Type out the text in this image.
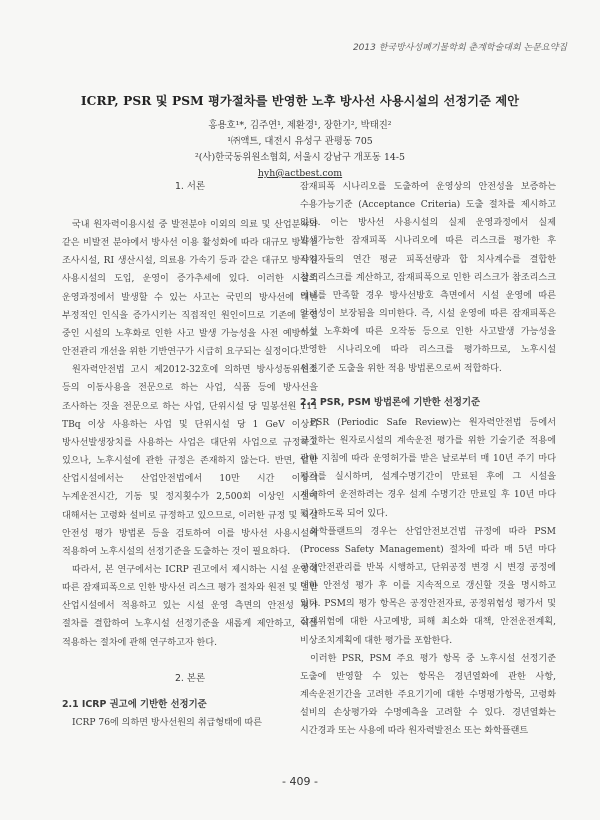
2013 한국방사성폐기물학회 춘계학술대회 논문요약집
ICRP, PSR 및 PSM 평가절차를 반영한 노후 방사선 사용시설의 선정기준 제안
홍용호¹*, 김주연¹, 제환경¹, 장한기², 박태진²
¹㈜액트, 대전시 유성구 관평동 705
²(사)한국동위원소협회, 서울시 강남구 개포동 14-5
hyh@actbest.com
1. 서론

국내 원자력이용시설 중 발전분야 이외의 의료 및 산업분야와 같은 비발전 분야에서 방사선 이용 활성화에 따라 대규모 방사선 조사시설, RI 생산시설, 의료용 가속기 등과 같은 대규모 방사선 사용시설의 도입, 운영이 증가추세에 있다. 이러한 시설의 운영과정에서 발생할 수 있는 사고는 국민의 방사선에 대한 부정적인 인식을 증가시키는 직접적인 원인이므로 기존에 운영 중인 시설의 노후화로 인한 사고 발생 가능성을 사전 예방하고 안전관리 개선을 위한 기반연구가 시급히 요구되는 실정이다.

원자력안전법 고시 제2012-32호에 의하면 방사성동위원소 등의 이동사용을 전문으로 하는 사업, 식품 등에 방사선을 조사하는 것을 전문으로 하는 사업, 단위시설 당 밀봉선원 111 TBq 이상 사용하는 사업 및 단위시설 당 1 GeV 이상의 방사선발생장치를 사용하는 사업은 대단위 사업으로 규정하고 있으나, 노후시설에 관한 규정은 존재하지 않는다. 반면, 일반 산업시설에서는 산업안전법에서 10만 시간 이상의 누계운전시간, 기동 및 정지횟수가 2,500회 이상인 시설에 대해서는 고령화 설비로 규정하고 있으므로, 이러한 규정 및 시설 안전성 평가 방법론 등을 검토하여 이를 방사선 사용시설에 적용하여 노후시설의 선정기준을 도출하는 것이 필요하다.

따라서, 본 연구에서는 ICRP 권고에서 제시하는 시설 운영에 따른 잠재피폭으로 인한 방사선 리스크 평가 절차와 원전 및 일반 산업시설에서 적용하고 있는 시설 운영 측면의 안전성 평가 절차를 결합하여 노후시설 선정기준을 새롭게 제안하고, 이를 적용하는 절차에 관해 연구하고자 한다.

2. 본론
2.1 ICRP 권고에 기반한 선정기준

ICRP 76에 의하면 방사선원의 취급형태에 따른

잠재피폭 시나리오를 도출하여 운영상의 안전성을 보증하는 수용가능기준 (Acceptance Criteria) 도출 절차를 제시하고 있다. 이는 방사선 사용시설의 실제 운영과정에서 실제 발생가능한 잠재피폭 시나리오에 따른 리스크를 평가한 후 작업자들의 연간 평균 피폭선량과 합 치사계수를 결합한 참조리스크를 계산하고, 잠재피폭으로 인한 리스크가 참조리스크 이내를 만족할 경우 방사선방호 측면에서 시설 운영에 따른 안전성이 보장됨을 의미한다. 즉, 시설 운영에 따른 잠재피폭은 시설 노후화에 따른 오작동 등으로 인한 사고발생 가능성을 반영한 시나리오에 따라 리스크를 평가하므로, 노후시설 선정기준 도출을 위한 적용 방법론으로써 적합하다.

2.2 PSR, PSM 방법론에 기반한 선정기준

PSR (Periodic Safe Review)는 원자력안전법 등에서 규정하는 원자로시설의 계속운전 평가를 위한 기술기준 적용에 관한 지침에 따라 운영허가를 받은 날로부터 매 10년 주기 마다 평가를 실시하며, 설계수명기간이 만료된 후에 그 시설을 계속하여 운전하려는 경우 설계 수명기간 만료일 후 10년 마다 평가하도록 되어 있다.

화학플랜트의 경우는 산업안전보건법 규정에 따라 PSM (Process Safety Management) 절차에 따라 매 5년 마다 공정안전관리를 반복 시행하고, 단위공정 변경 시 변경 공정에 대한 안전성 평가 후 이를 지속적으로 갱신할 것을 명시하고 있다. PSM의 평가 항목은 공정안전자료, 공정위험성 평가서 및 잠재위험에 대한 사고예방, 피해 최소화 대책, 안전운전계획, 비상조치계획에 대한 평가를 포함한다.

이러한 PSR, PSM 주요 평가 항목 중 노후시설 선정기준 도출에 반영할 수 있는 항목은 경년열화에 관한 사항, 계속운전기간을 고려한 주요기기에 대한 수명평가항목, 고령화 설비의 손상평가와 수명예측을 고려할 수 있다. 경년열화는 시간경과 또는 사용에 따라 원자력발전소 또는 화학플랜트

- 409 -
